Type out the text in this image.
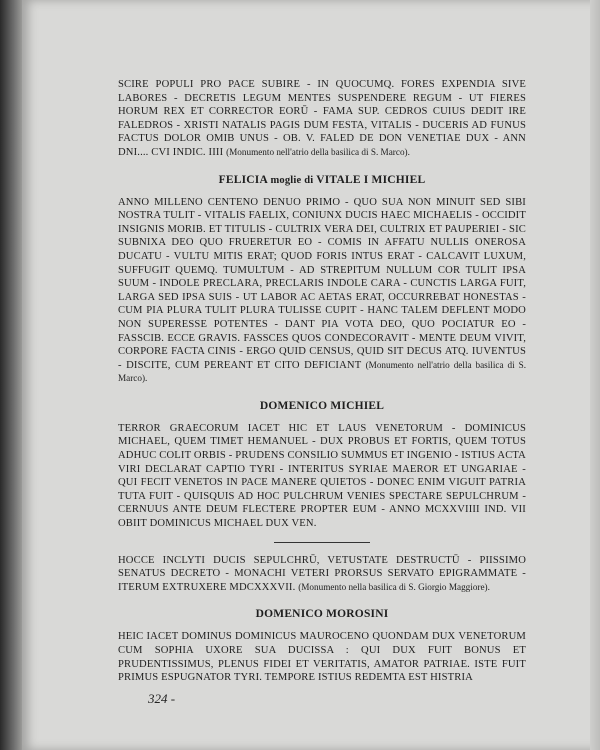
SCIRE POPULI PRO PACE SUBIRE - IN QUOCUMQ. FORES EXPENDIA SIVE LABORES - DECRETIS LEGUM MENTES SUSPENDERE REGUM - UT FIERES HORUM REX ET CORRECTOR EORŪ - FAMA SUP. CEDROS CUIUS DEDIT IRE FALEDROS - XRISTI NATALIS PAGIS DUM FESTA, VITALIS - DUCERIS AD FUNUS FACTUS DOLOR OMIB UNUS - OB. V. FALED DE DON VENETIAE DUX - ANN DNI.... CVI INDIC. IIII (Monumento nell'atrio della basilica di S. Marco).

FELICIA moglie di VITALE I MICHIEL

ANNO MILLENO CENTENO DENUO PRIMO - QUO SUA NON MINUIT SED SIBI NOSTRA TULIT - VITALIS FAELIX, CONIUNX DUCIS HAEC MICHAELIS - OCCIDIT INSIGNIS MORIB. ET TITULIS - CULTRIX VERA DEI, CULTRIX ET PAUPERIEI - SIC SUBNIXA DEO QUO FRUERETUR EO - COMIS IN AFFATU NULLIS ONEROSA DUCATU - VULTU MITIS ERAT; QUOD FORIS INTUS ERAT - CALCAVIT LUXUM, SUFFUGIT QUEMQ. TUMULTUM - AD STREPITUM NULLUM COR TULIT IPSA SUUM - INDOLE PRECLARA, PRECLARIS INDOLE CARA - CUNCTIS LARGA FUIT, LARGA SED IPSA SUIS - UT LABOR AC AETAS ERAT, OCCURREBAT HONESTAS - CUM PIA PLURA TULIT PLURA TULISSE CUPIT - HANC TALEM DEFLENT MODO NON SUPERESSE POTENTES - DANT PIA VOTA DEO, QUO POCIATUR EO - FASSCIB. ECCE GRAVIS. FASSCES QUOS CONDECORAVIT - MENTE DEUM VIVIT, CORPORE FACTA CINIS - ERGO QUID CENSUS, QUID SIT DECUS ATQ. IUVENTUS - DISCITE, CUM PEREANT ET CITO DEFICIANT (Monumento nell'atrio della basilica di S. Marco).

DOMENICO MICHIEL

TERROR GRAECORUM IACET HIC ET LAUS VENETORUM - DOMINICUS MICHAEL, QUEM TIMET HEMANUEL - DUX PROBUS ET FORTIS, QUEM TOTUS ADHUC COLIT ORBIS - PRUDENS CONSILIO SUMMUS ET INGENIO - ISTIUS ACTA VIRI DECLARAT CAPTIO TYRI - INTERITUS SYRIAE MAEROR ET UNGARIAE - QUI FECIT VENETOS IN PACE MANERE QUIETOS - DONEC ENIM VIGUIT PATRIA TUTA FUIT - QUISQUIS AD HOC PULCHRUM VENIES SPECTARE SEPULCHRUM - CERNUUS ANTE DEUM FLECTERE PROPTER EUM - ANNO MCXXVIIII IND. VII OBIIT DOMINICUS MICHAEL DUX VEN.

HOCCE INCLYTI DUCIS SEPULCHRŪ, VETUSTATE DESTRUCTŪ - PIISSIMO SENATUS DECRETO - MONACHI VETERI PRORSUS SERVATO EPIGRAMMATE - ITERUM EXTRUXERE MDCXXXVII. (Monumento nella basilica di S. Giorgio Maggiore).

DOMENICO MOROSINI

HEIC IACET DOMINUS DOMINICUS MAUROCENO QUONDAM DUX VENETORUM CUM SOPHIA UXORE SUA DUCISSA : QUI DUX FUIT BONUS ET PRUDENTISSIMUS, PLENUS FIDEI ET VERITATIS, AMATOR PATRIAE. ISTE FUIT PRIMUS ESPUGNATOR TYRI. TEMPORE ISTIUS REDEMTA EST HISTRIA

324 -
